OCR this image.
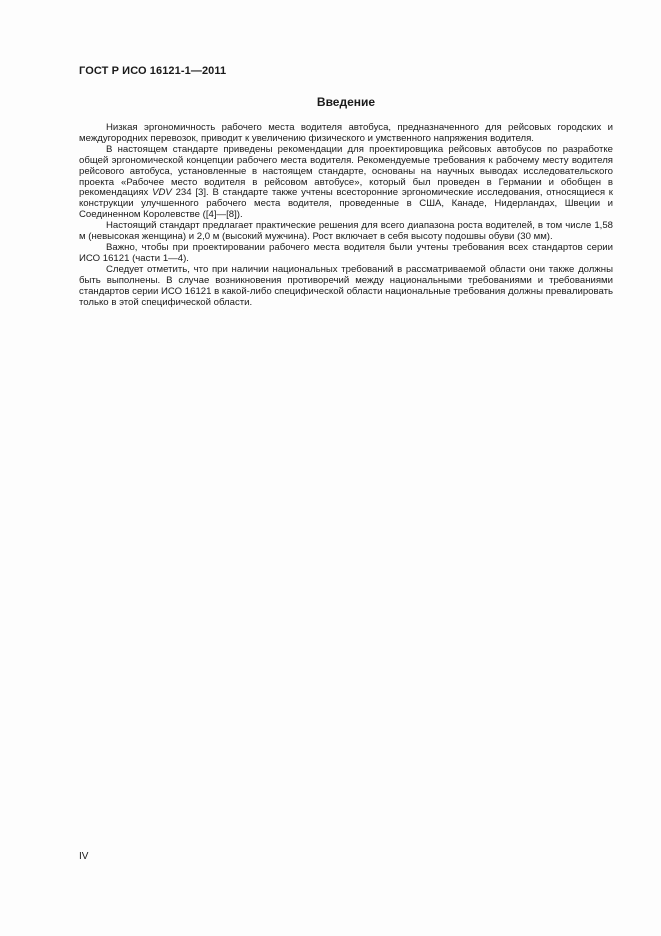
ГОСТ Р ИСО 16121-1—2011
Введение

Низкая эргономичность рабочего места водителя автобуса, предназначенного для рейсовых городских и междугородних перевозок, приводит к увеличению физического и умственного напряжения водителя.

В настоящем стандарте приведены рекомендации для проектировщика рейсовых автобусов по разработке общей эргономической концепции рабочего места водителя. Рекомендуемые требования к рабочему месту водителя рейсового автобуса, установленные в настоящем стандарте, основаны на научных выводах исследовательского проекта «Рабочее место водителя в рейсовом автобусе», который был проведен в Германии и обобщен в рекомендациях VDV 234 [3]. В стандарте также учтены всесторонние эргономические исследования, относящиеся к конструкции улучшенного рабочего места водителя, проведенные в США, Канаде, Нидерландах, Швеции и Соединенном Королевстве ([4]—[8]).

Настоящий стандарт предлагает практические решения для всего диапазона роста водителей, в том числе 1,58 м (невысокая женщина) и 2,0 м (высокий мужчина). Рост включает в себя высоту подошвы обуви (30 мм).

Важно, чтобы при проектировании рабочего места водителя были учтены требования всех стандартов серии ИСО 16121 (части 1—4).

Следует отметить, что при наличии национальных требований в рассматриваемой области они также должны быть выполнены. В случае возникновения противоречий между национальными требованиями и требованиями стандартов серии ИСО 16121 в какой-либо специфической области национальные требования должны превалировать только в этой специфической области.

IV
